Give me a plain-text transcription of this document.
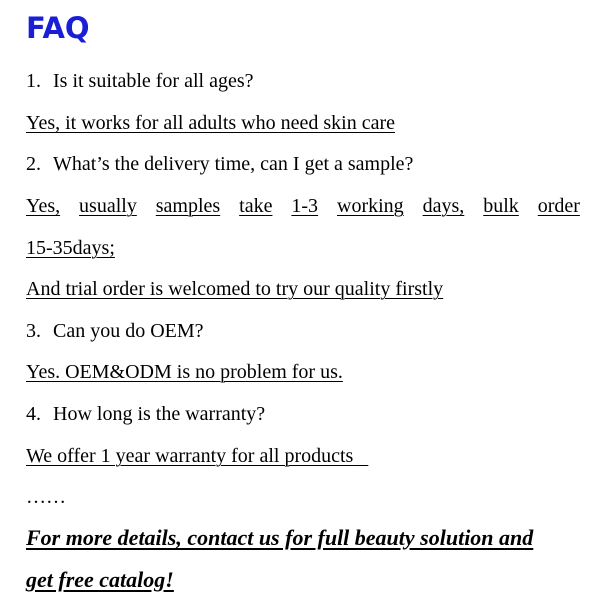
FAQ
1. Is it suitable for all ages?
Yes, it works for all adults who need skin care
2. What’s the delivery time, can I get a sample?
Yes, usually samples take 1-3 working days, bulk order
15-35days;
And trial order is welcomed to try our quality firstly
3. Can you do OEM?
Yes. OEM&ODM is no problem for us.
4. How long is the warranty?
We offer 1 year warranty for all products
……
For more details, contact us for full beauty solution and
get free catalog!
